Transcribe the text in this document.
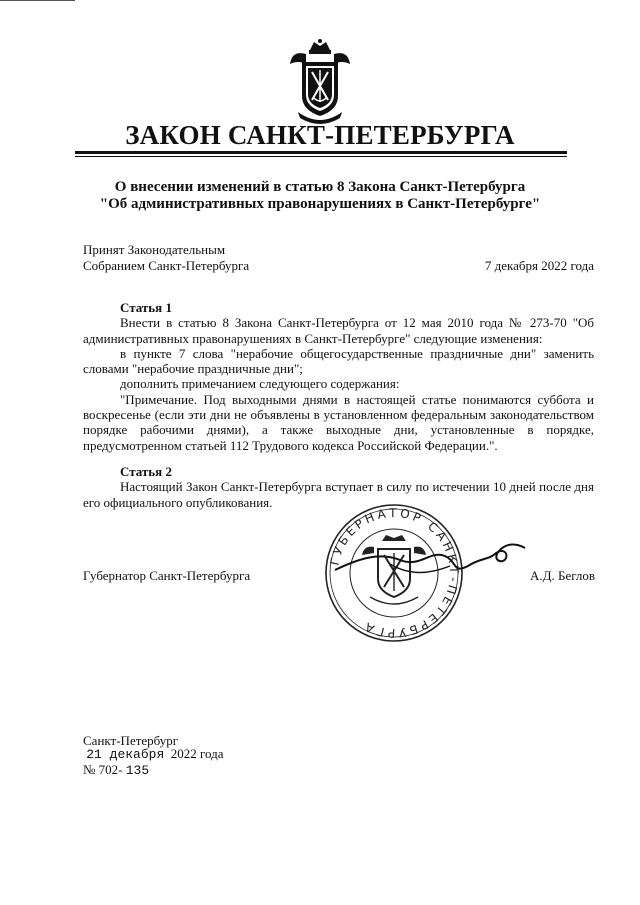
ЗАКОН САНКТ-ПЕТЕРБУРГА
О внесении изменений в статью 8 Закона Санкт-Петербурга
"Об административных правонарушениях в Санкт-Петербурге"
Принят Законодательным
Собранием Санкт-Петербурга	7 декабря 2022 года

Статья 1

Внести в статью 8 Закона Санкт-Петербурга от 12 мая 2010 года № 273-70 "Об административных правонарушениях в Санкт-Петербурге" следующие изменения:

в пункте 7 слова "нерабочие общегосударственные праздничные дни" заменить словами "нерабочие праздничные дни";

дополнить примечанием следующего содержания:

"Примечание. Под выходными днями в настоящей статье понимаются суббота и воскресенье (если эти дни не объявлены в установленном федеральным законодательством порядке рабочими днями), а также выходные дни, установленные в порядке, предусмотренном статьей 112 Трудового кодекса Российской Федерации.".

Статья 2

Настоящий Закон Санкт-Петербурга вступает в силу по истечении 10 дней после дня его официального опубликования.

ГУБЕРНАТОР САНКТ-ПЕТЕРБУРГА
Губернатор Санкт-Петербурга	А.Д. Беглов
Санкт-Петербург
21 декабря 2022 года
№ 702- 135
